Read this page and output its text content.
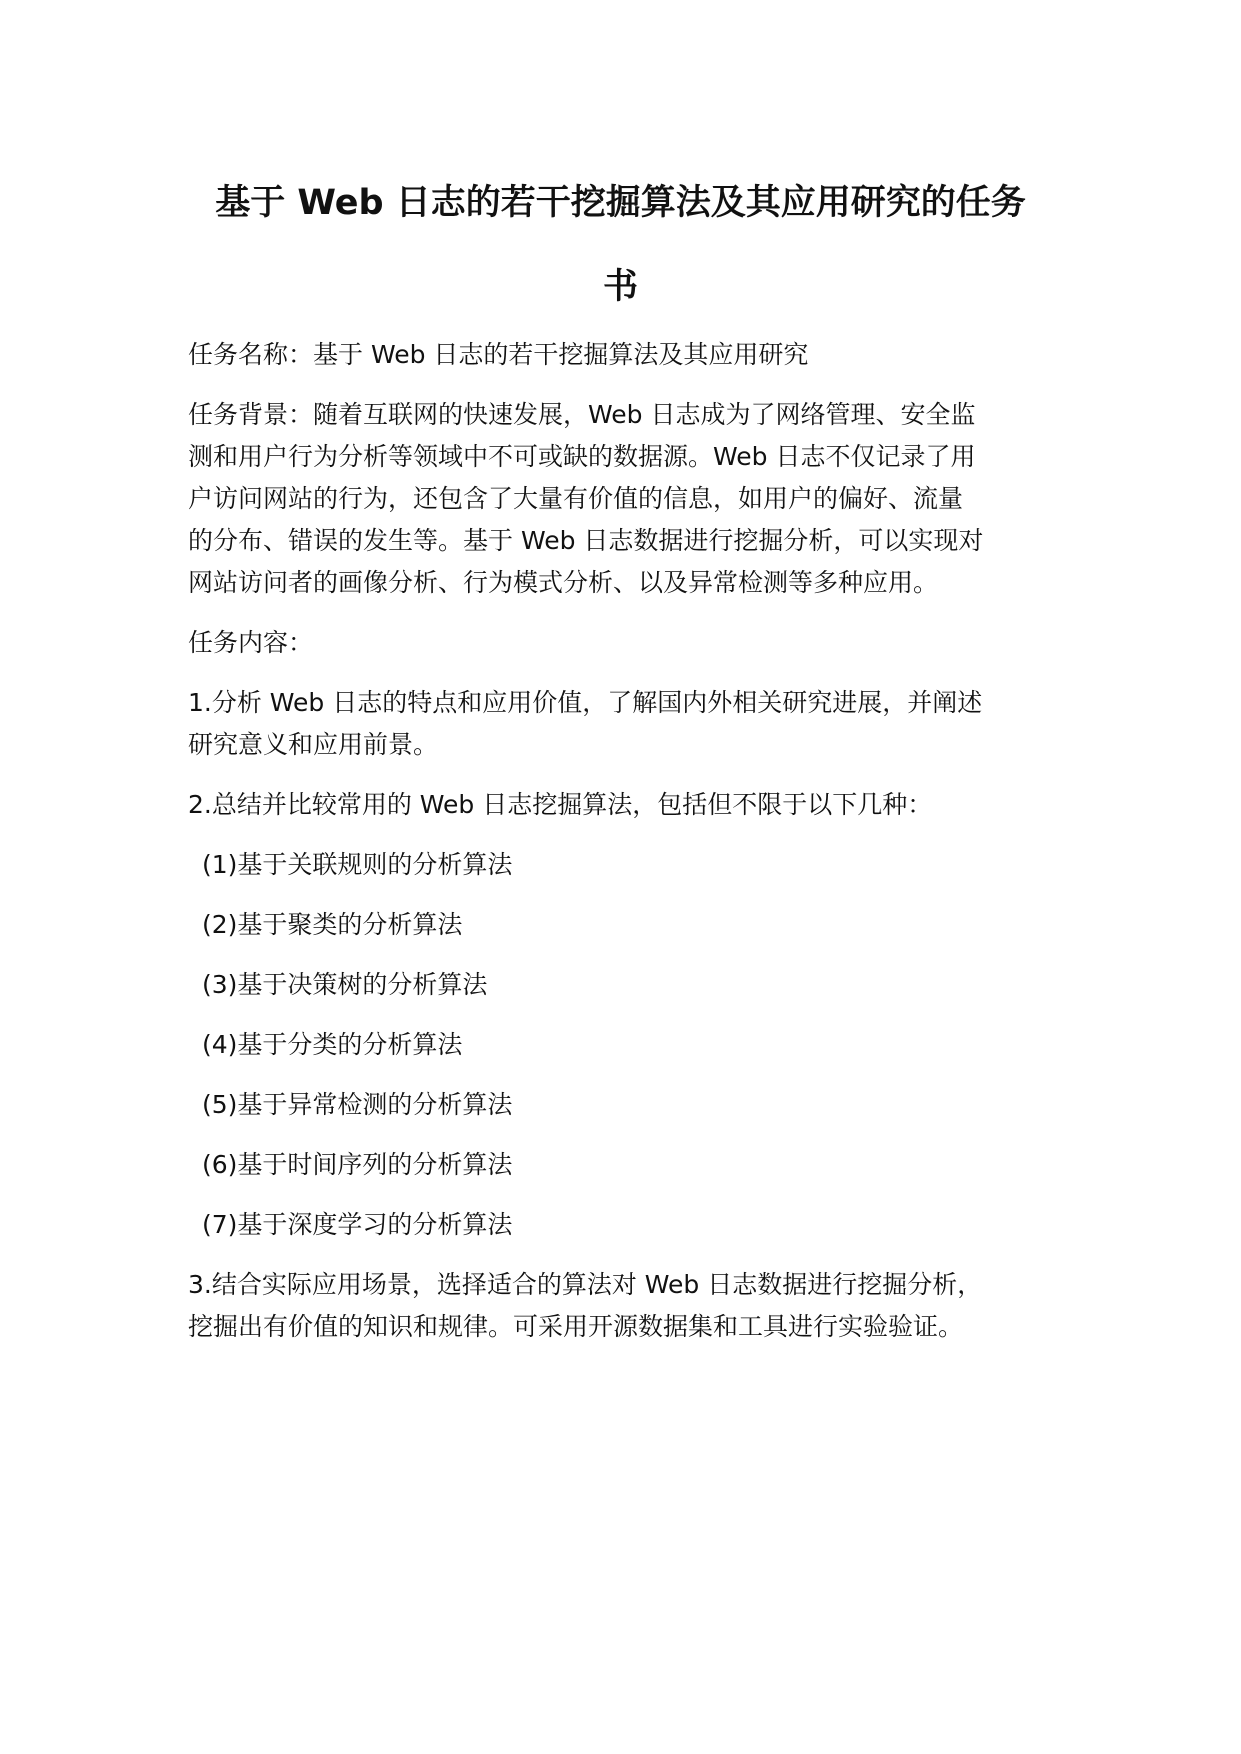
基于 Web 日志的若干挖掘算法及其应用研究的任务
书

任务名称：基于 Web 日志的若干挖掘算法及其应用研究

任务背景：随着互联网的快速发展，Web 日志成为了网络管理、安全监

测和用户行为分析等领域中不可或缺的数据源。Web 日志不仅记录了用

户访问网站的行为，还包含了大量有价值的信息，如用户的偏好、流量

的分布、错误的发生等。基于 Web 日志数据进行挖掘分析，可以实现对

网站访问者的画像分析、行为模式分析、以及异常检测等多种应用。

任务内容：

1.分析 Web 日志的特点和应用价值，了解国内外相关研究进展，并阐述

研究意义和应用前景。

2.总结并比较常用的 Web 日志挖掘算法，包括但不限于以下几种：

(1)基于关联规则的分析算法

(2)基于聚类的分析算法

(3)基于决策树的分析算法

(4)基于分类的分析算法

(5)基于异常检测的分析算法

(6)基于时间序列的分析算法

(7)基于深度学习的分析算法

3.结合实际应用场景，选择适合的算法对 Web 日志数据进行挖掘分析，

挖掘出有价值的知识和规律。可采用开源数据集和工具进行实验验证。
